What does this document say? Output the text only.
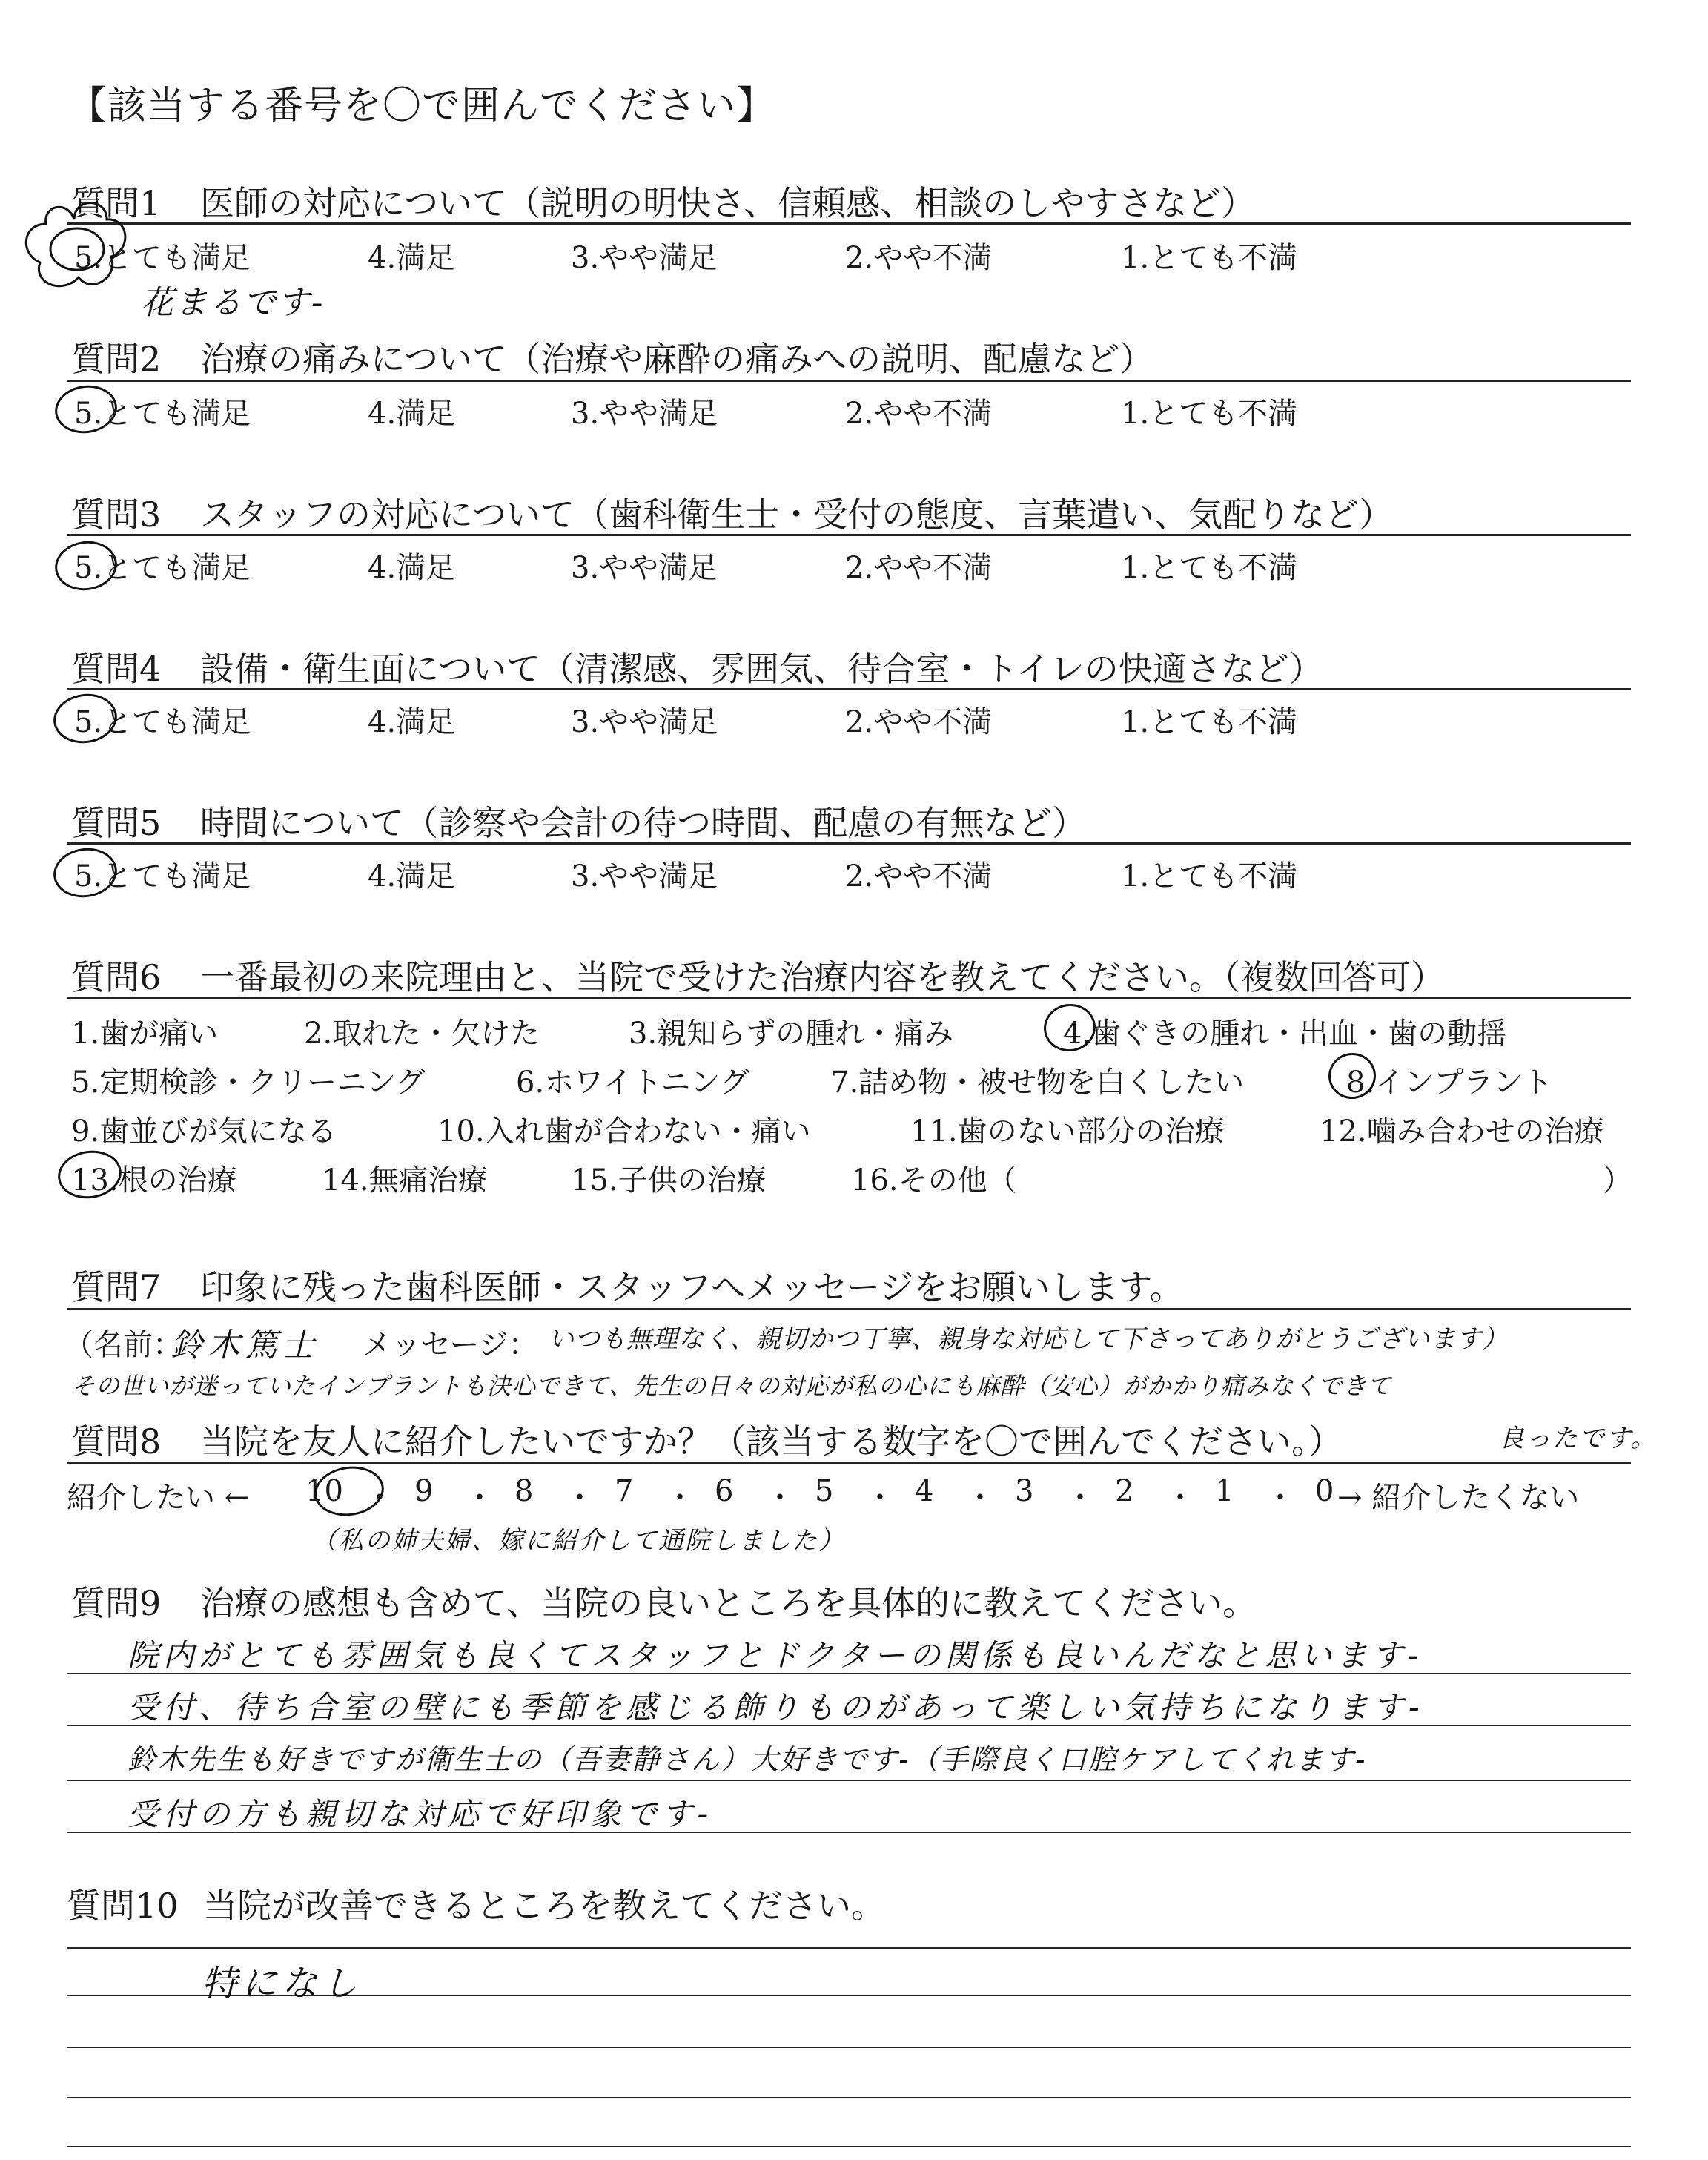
【該当する番号を〇で囲んでください】
質問1 医師の対応について（説明の明快さ、信頼感、相談のしやすさなど）
5.とても満足	4.満足	3.やや満足	2.やや不満	1.とても不満
花まるです-
質問2 治療の痛みについて（治療や麻酔の痛みへの説明、配慮など）
5.とても満足	4.満足	3.やや満足	2.やや不満	1.とても不満
質問3 スタッフの対応について（歯科衛生士・受付の態度、言葉遣い、気配りなど）
5.とても満足	4.満足	3.やや満足	2.やや不満	1.とても不満
質問4 設備・衛生面について（清潔感、雰囲気、待合室・トイレの快適さなど）
5.とても満足	4.満足	3.やや満足	2.やや不満	1.とても不満
質問5 時間について（診察や会計の待つ時間、配慮の有無など）
5.とても満足	4.満足	3.やや満足	2.やや不満	1.とても不満
質問6 一番最初の来院理由と、当院で受けた治療内容を教えてください。（複数回答可）
1.歯が痛い	2.取れた・欠けた	3.親知らずの腫れ・痛み	4.歯ぐきの腫れ・出血・歯の動揺
5.定期検診・クリーニング	6.ホワイトニング	7.詰め物・被せ物を白くしたい	8.インプラント
9.歯並びが気になる	10.入れ歯が合わない・痛い	11.歯のない部分の治療	12.噛み合わせの治療
13.根の治療	14.無痛治療	15.子供の治療	16.その他（	）
質問7 印象に残った歯科医師・スタッフへメッセージをお願いします。
（名前：
鈴木篤士 メッセージ： いつも無理なく、親切かつ丁寧、親身な対応して下さってありがとうございます）
その世いが迷っていたインプラントも決心できて、先生の日々の対応が私の心にも麻酔（安心）がかかり痛みなくできて
質問8 当院を友人に紹介したいですか？（該当する数字を〇で囲んでください。）	良ったです。
紹介したい ← 10 ・ 9 ・ 8 ・ 7 ・ 6 ・ 5 ・ 4 ・ 3 ・ 2 ・ 1 ・ 0 → 紹介したくない
（私の姉夫婦、嫁に紹介して通院しました）
質問9 治療の感想も含めて、当院の良いところを具体的に教えてください。
院内がとても雰囲気も良くてスタッフとドクターの関係も良いんだなと思います-
受付、待ち合室の壁にも季節を感じる飾りものがあって楽しい気持ちになります-
鈴木先生も好きですが衛生士の（吾妻静さん）大好きです-（手際良く口腔ケアしてくれます-
受付の方も親切な対応で好印象です-
質問10 当院が改善できるところを教えてください。
特になし
